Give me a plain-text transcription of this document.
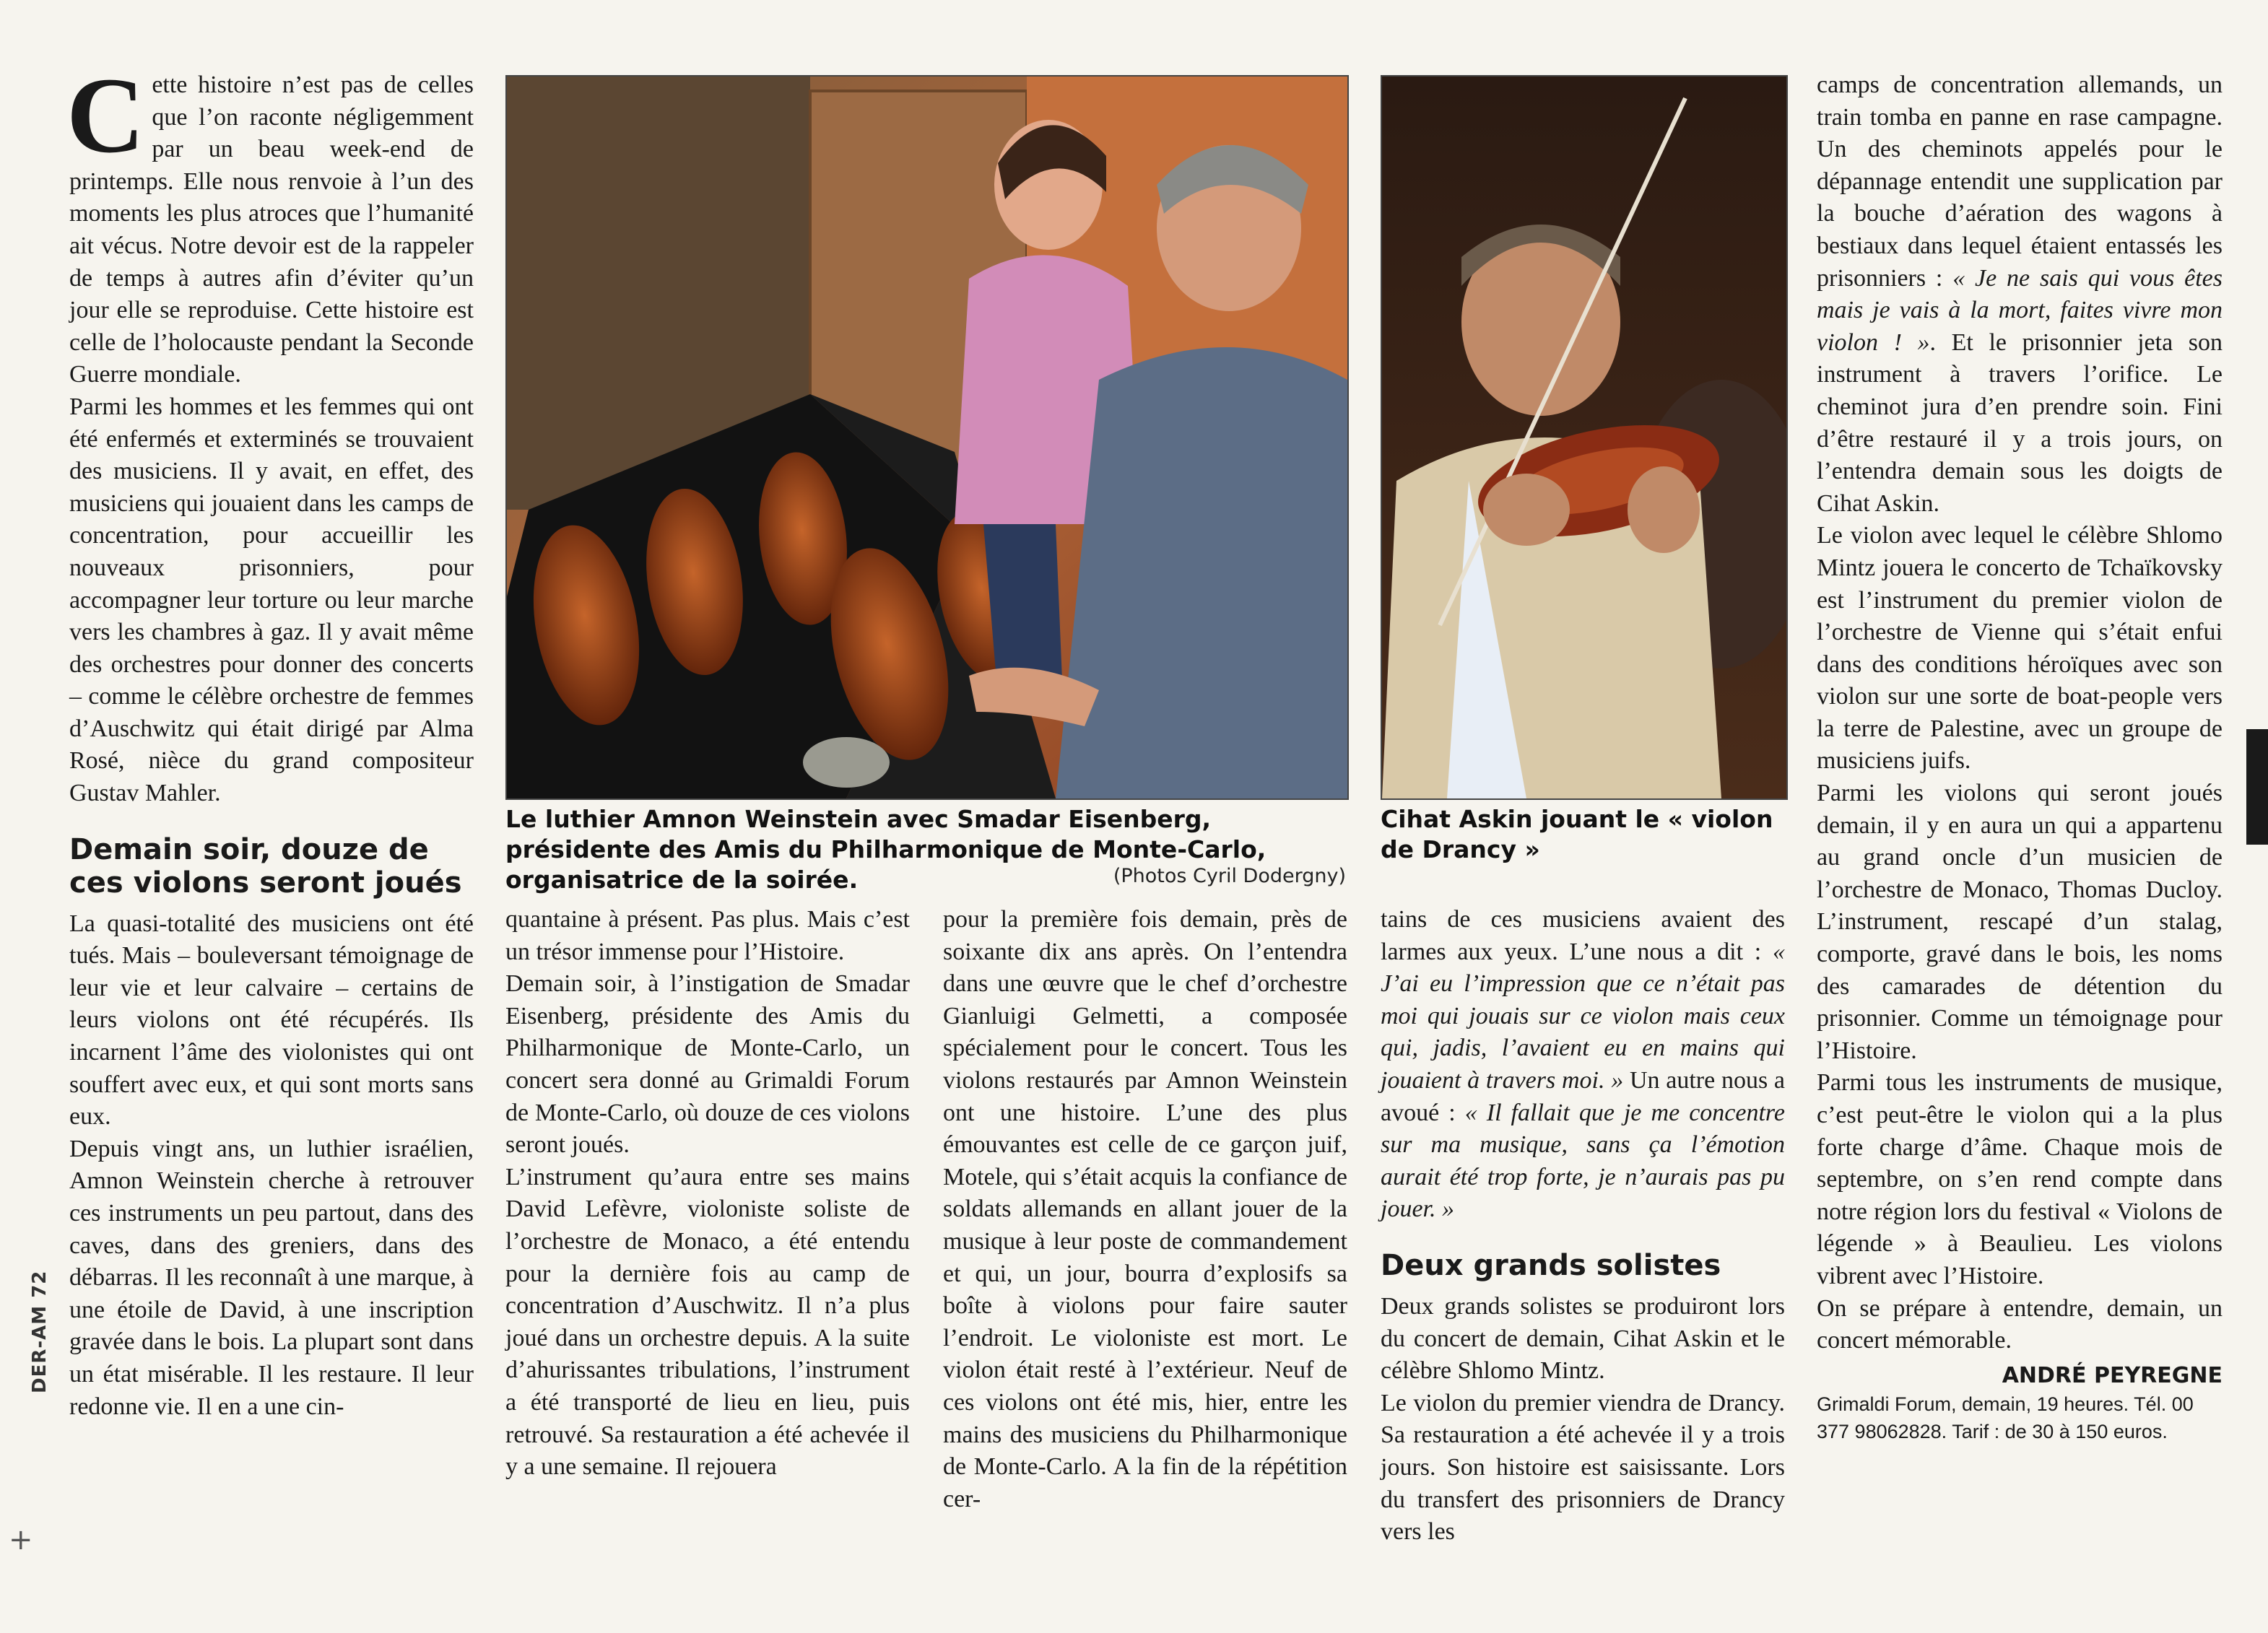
DER-AM 72
+

Cette histoire n’est pas de celles que l’on raconte négligemment par un beau week-end de printemps. Elle nous renvoie à l’un des moments les plus atroces que l’humanité ait vécus. Notre devoir est de la rappeler de temps à autres afin d’éviter qu’un jour elle se reproduise. Cette histoire est celle de l’holocauste pendant la Seconde Guerre mondiale.

Parmi les hommes et les femmes qui ont été enfermés et exterminés se trouvaient des musiciens. Il y avait, en effet, des musiciens qui jouaient dans les camps de concentration, pour accueillir les nouveaux prisonniers, pour accompagner leur torture ou leur marche vers les chambres à gaz. Il y avait même des orchestres pour donner des concerts – comme le célèbre orchestre de femmes d’Auschwitz qui était dirigé par Alma Rosé, nièce du grand compositeur Gustav Mahler.

Demain soir, douze de ces violons seront joués

La quasi-totalité des musiciens ont été tués. Mais – bouleversant témoignage de leur vie et leur calvaire – certains de leurs violons ont été récupérés. Ils incarnent l’âme des violonistes qui ont souffert avec eux, et qui sont morts sans eux.

Depuis vingt ans, un luthier israélien, Amnon Weinstein cherche à retrouver ces instruments un peu partout, dans des caves, dans des greniers, dans des débarras. Il les reconnaît à une marque, à une étoile de David, à une inscription gravée dans le bois. La plupart sont dans un état misérable. Il les restaure. Il leur redonne vie. Il en a une cin-

Le luthier Amnon Weinstein avec Smadar Eisenberg, présidente des Amis du Philharmonique de Monte-Carlo, organisatrice de la soirée.	(Photos Cyril Dodergny)
Cihat Askin jouant le « violon de Drancy »

quantaine à présent. Pas plus. Mais c’est un trésor immense pour l’Histoire.

Demain soir, à l’instigation de Smadar Eisenberg, présidente des Amis du Philharmonique de Monte-Carlo, un concert sera donné au Grimaldi Forum de Monte-Carlo, où douze de ces violons seront joués.

L’instrument qu’aura entre ses mains David Lefèvre, violoniste soliste de l’orchestre de Monaco, a été entendu pour la dernière fois au camp de concentration d’Auschwitz. Il n’a plus joué dans un orchestre depuis. A la suite d’ahurissantes tribulations, l’instrument a été transporté de lieu en lieu, puis retrouvé. Sa restauration a été achevée il y a une semaine. Il rejouera

pour la première fois demain, près de soixante dix ans après. On l’entendra dans une œuvre que le chef d’orchestre Gianluigi Gelmetti, a composée spécialement pour le concert. Tous les violons restaurés par Amnon Weinstein ont une histoire. L’une des plus émouvantes est celle de ce garçon juif, Motele, qui s’était acquis la confiance de soldats allemands en allant jouer de la musique à leur poste de commandement et qui, un jour, bourra d’explosifs sa boîte à violons pour faire sauter l’endroit. Le violoniste est mort. Le violon était resté à l’extérieur. Neuf de ces violons ont été mis, hier, entre les mains des musiciens du Philharmonique de Monte-Carlo. A la fin de la répétition cer-

tains de ces musiciens avaient des larmes aux yeux. L’une nous a dit : « J’ai eu l’impression que ce n’était pas moi qui jouais sur ce violon mais ceux qui, jadis, l’avaient eu en mains qui jouaient à travers moi. » Un autre nous a avoué : « Il fallait que je me concentre sur ma musique, sans ça l’émotion aurait été trop forte, je n’aurais pas pu jouer. »

Deux grands solistes

Deux grands solistes se produiront lors du concert de demain, Cihat Askin et le célèbre Shlomo Mintz.

Le violon du premier viendra de Drancy. Sa restauration a été achevée il y a trois jours. Son histoire est saisissante. Lors du transfert des prisonniers de Drancy vers les

camps de concentration allemands, un train tomba en panne en rase campagne. Un des cheminots appelés pour le dépannage entendit une supplication par la bouche d’aération des wagons à bestiaux dans lequel étaient entassés les prisonniers : « Je ne sais qui vous êtes mais je vais à la mort, faites vivre mon violon ! ». Et le prisonnier jeta son instrument à travers l’orifice. Le cheminot jura d’en prendre soin. Fini d’être restauré il y a trois jours, on l’entendra demain sous les doigts de Cihat Askin.

Le violon avec lequel le célèbre Shlomo Mintz jouera le concerto de Tchaïkovsky est l’instrument du premier violon de l’orchestre de Vienne qui s’était enfui dans des conditions héroïques avec son violon sur une sorte de boat-people vers la terre de Palestine, avec un groupe de musiciens juifs.

Parmi les violons qui seront joués demain, il y en aura un qui a appartenu au grand oncle d’un musicien de l’orchestre de Monaco, Thomas Ducloy. L’instrument, rescapé d’un stalag, comporte, gravé dans le bois, les noms des camarades de détention du prisonnier. Comme un témoignage pour l’Histoire.

Parmi tous les instruments de musique, c’est peut-être le violon qui a la plus forte charge d’âme. Chaque mois de septembre, on s’en rend compte dans notre région lors du festival « Violons de légende » à Beaulieu. Les violons vibrent avec l’Histoire.

On se prépare à entendre, demain, un concert mémorable.

ANDRÉ PEYREGNE
Grimaldi Forum, demain, 19 heures. Tél. 00 377 98062828. Tarif : de 30 à 150 euros.
